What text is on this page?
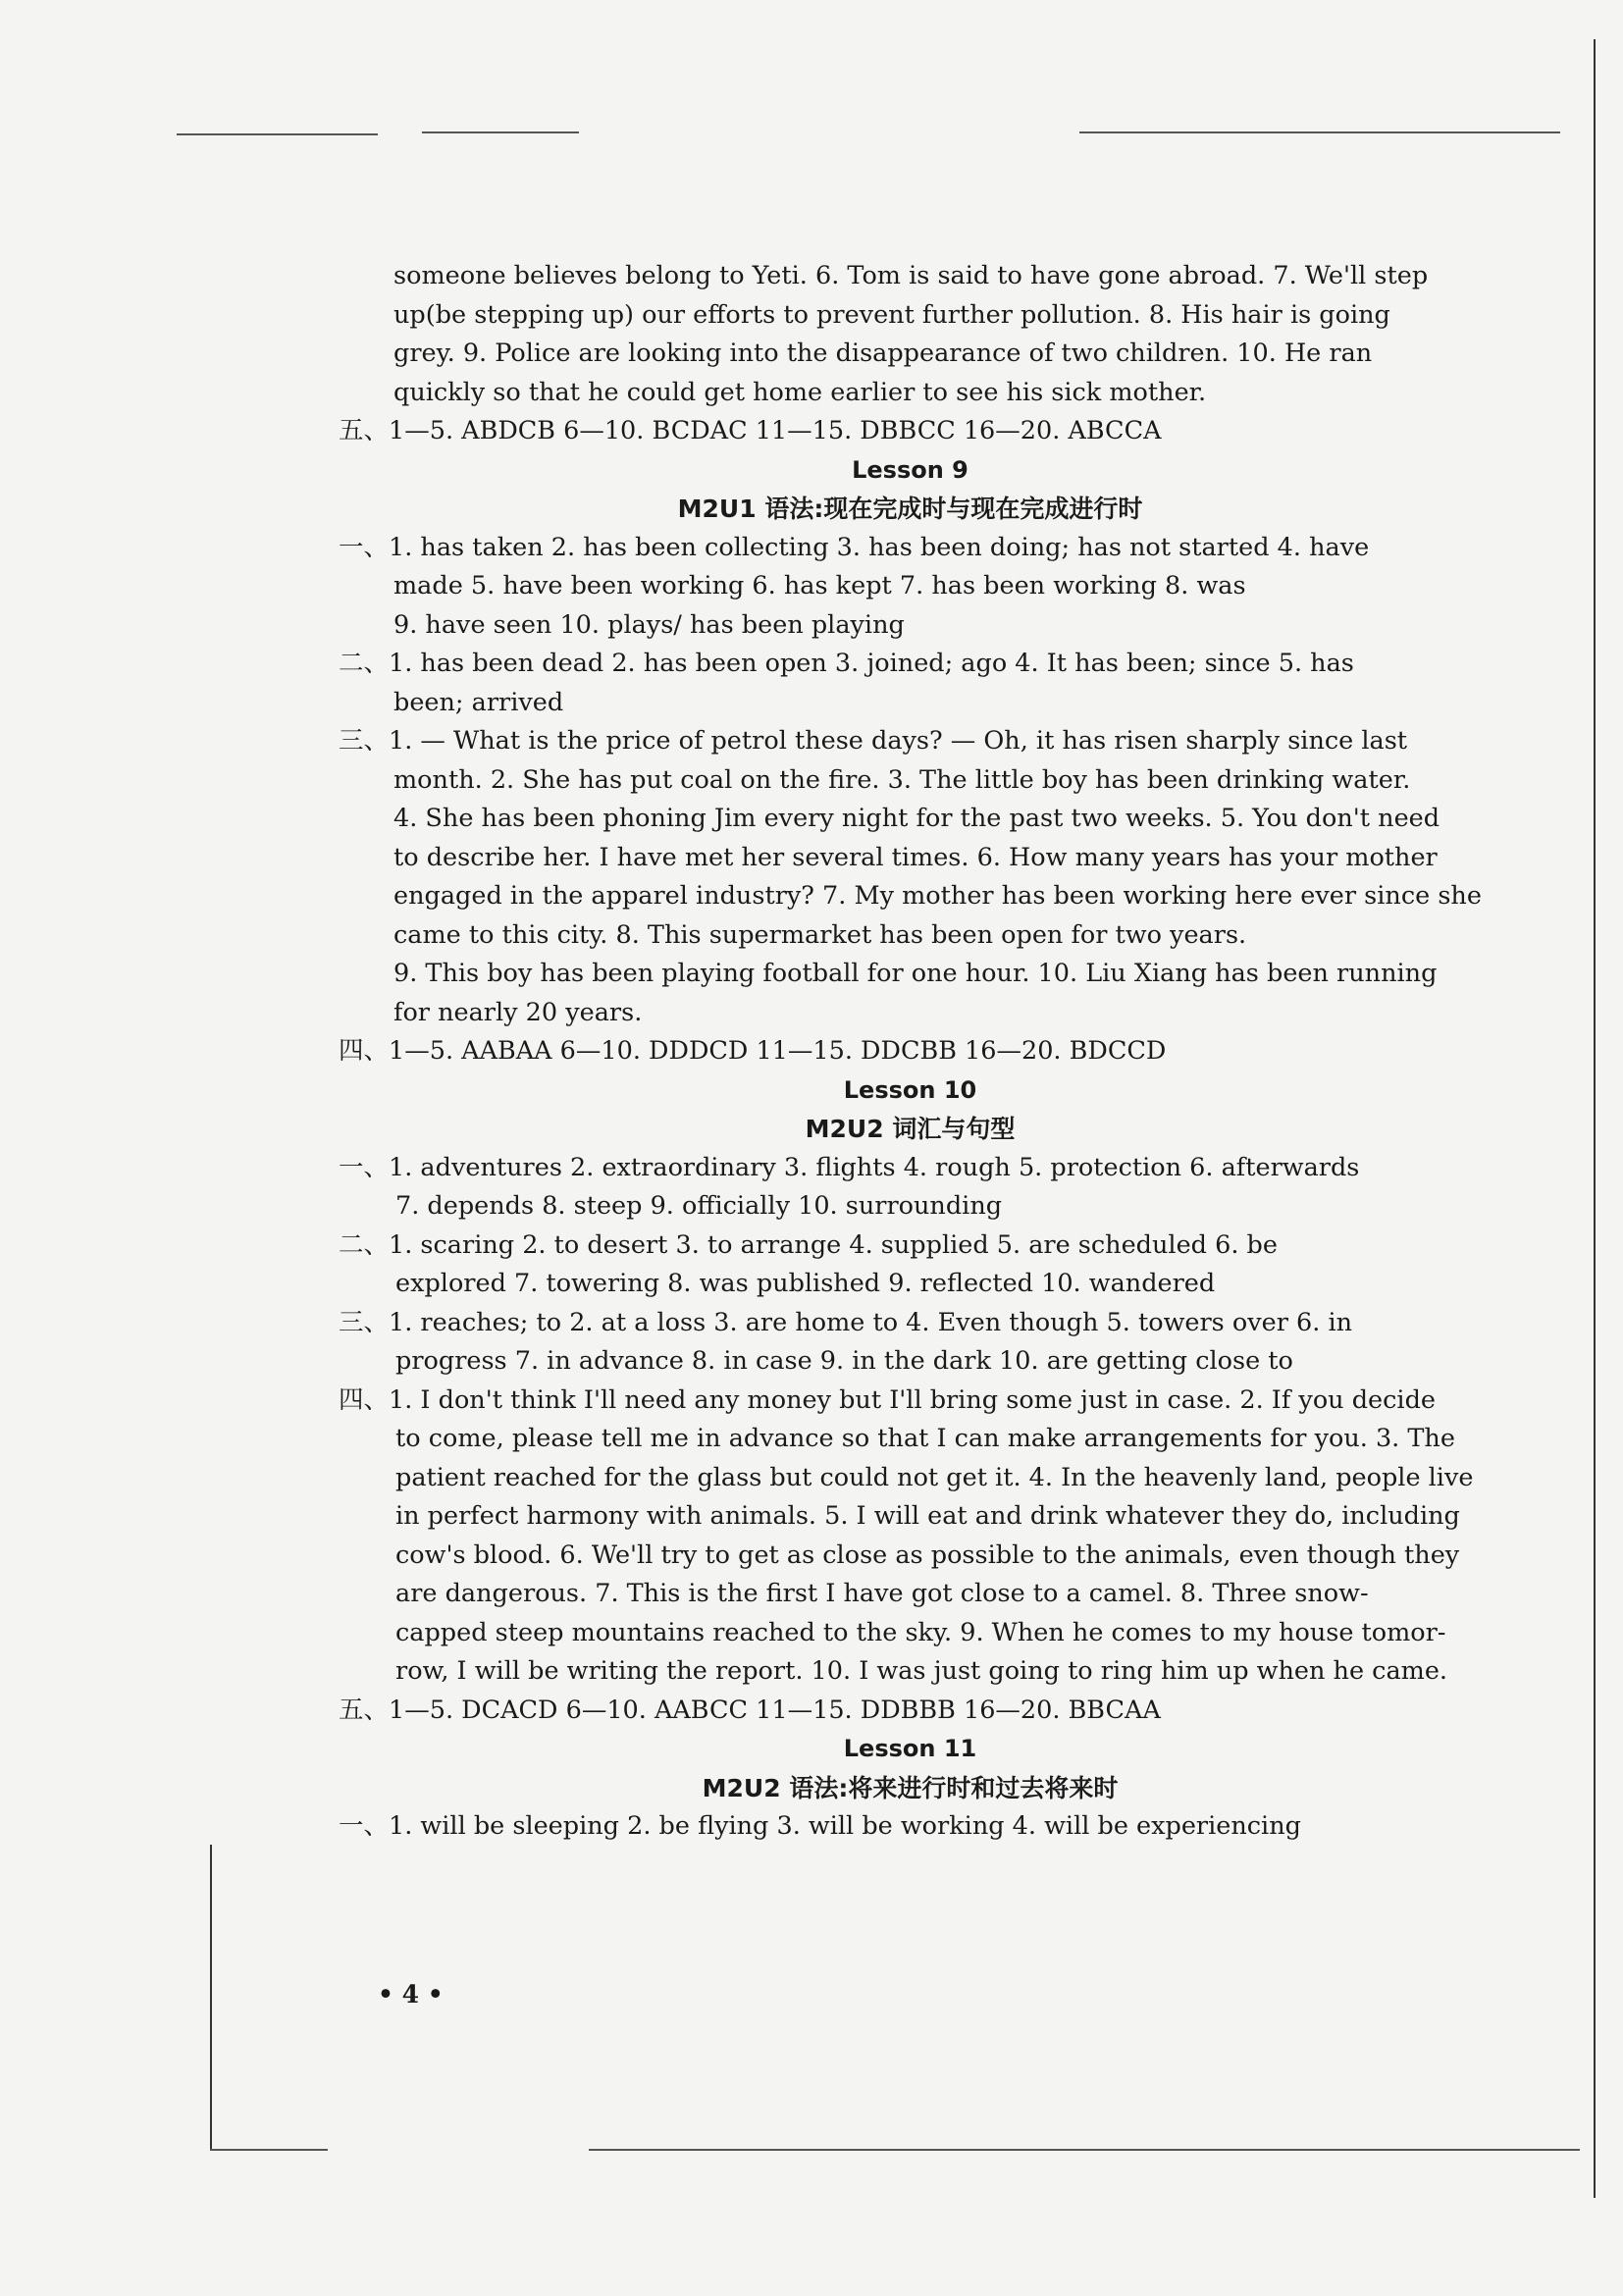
someone believes belong to Yeti. 6. Tom is said to have gone abroad. 7. We'll step
up(be stepping up) our efforts to prevent further pollution. 8. His hair is going
grey. 9. Police are looking into the disappearance of two children. 10. He ran
quickly so that he could get home earlier to see his sick mother.
五、1—5. ABDCB 6—10. BCDAC 11—15. DBBCC 16—20. ABCCA
Lesson 9
M2U1 语法:现在完成时与现在完成进行时
一、1. has taken 2. has been collecting 3. has been doing; has not started 4. have
made 5. have been working 6. has kept 7. has been working 8. was
9. have seen 10. plays/ has been playing
二、1. has been dead 2. has been open 3. joined; ago 4. It has been; since 5. has
been; arrived
三、1. — What is the price of petrol these days? — Oh, it has risen sharply since last
month. 2. She has put coal on the fire. 3. The little boy has been drinking water.
4. She has been phoning Jim every night for the past two weeks. 5. You don't need
to describe her. I have met her several times. 6. How many years has your mother
engaged in the apparel industry? 7. My mother has been working here ever since she
came to this city. 8. This supermarket has been open for two years.
9. This boy has been playing football for one hour. 10. Liu Xiang has been running
for nearly 20 years.
四、1—5. AABAA 6—10. DDDCD 11—15. DDCBB 16—20. BDCCD
Lesson 10
M2U2 词汇与句型
一、1. adventures 2. extraordinary 3. flights 4. rough 5. protection 6. afterwards
7. depends 8. steep 9. officially 10. surrounding
二、1. scaring 2. to desert 3. to arrange 4. supplied 5. are scheduled 6. be
explored 7. towering 8. was published 9. reflected 10. wandered
三、1. reaches; to 2. at a loss 3. are home to 4. Even though 5. towers over 6. in
progress 7. in advance 8. in case 9. in the dark 10. are getting close to
四、1. I don't think I'll need any money but I'll bring some just in case. 2. If you decide
to come, please tell me in advance so that I can make arrangements for you. 3. The
patient reached for the glass but could not get it. 4. In the heavenly land, people live
in perfect harmony with animals. 5. I will eat and drink whatever they do, including
cow's blood. 6. We'll try to get as close as possible to the animals, even though they
are dangerous. 7. This is the first I have got close to a camel. 8. Three snow-
capped steep mountains reached to the sky. 9. When he comes to my house tomor-
row, I will be writing the report. 10. I was just going to ring him up when he came.
五、1—5. DCACD 6—10. AABCC 11—15. DDBBB 16—20. BBCAA
Lesson 11
M2U2 语法:将来进行时和过去将来时
一、1. will be sleeping 2. be flying 3. will be working 4. will be experiencing
• 4 •
